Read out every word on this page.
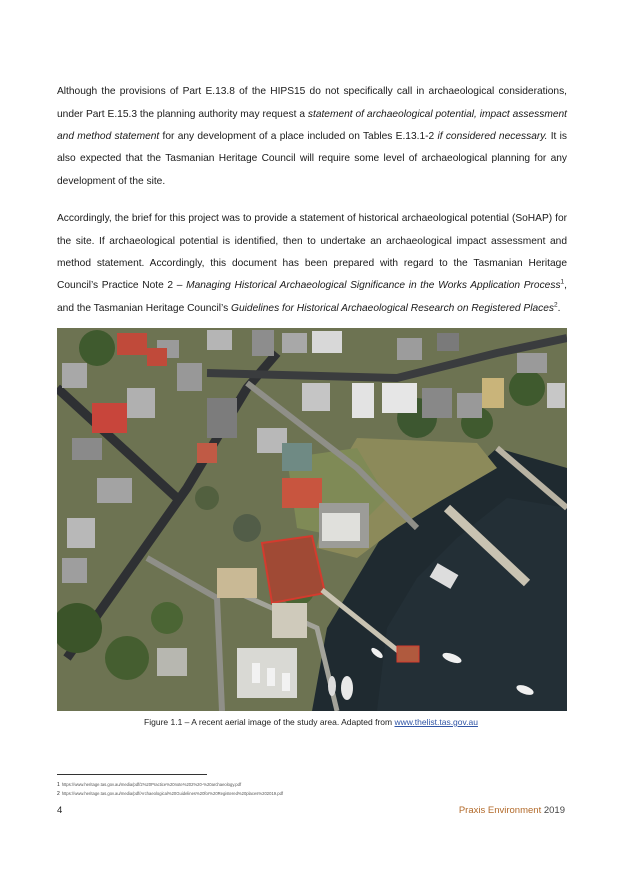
Although the provisions of Part E.13.8 of the HIPS15 do not specifically call in archaeological considerations, under Part E.15.3 the planning authority may request a statement of archaeological potential, impact assessment and method statement for any development of a place included on Tables E.13.1-2 if considered necessary. It is also expected that the Tasmanian Heritage Council will require some level of archaeological planning for any development of the site.

Accordingly, the brief for this project was to provide a statement of historical archaeological potential (SoHAP) for the site. If archaeological potential is identified, then to undertake an archaeological impact assessment and method statement. Accordingly, this document has been prepared with regard to the Tasmanian Heritage Council’s Practice Note 2 – Managing Historical Archaeological Significance in the Works Application Process$^1$, and the Tasmanian Heritage Council’s Guidelines for Historical Archaeological Research on Registered Places$^2$.

Figure 1.1 – A recent aerial image of the study area. Adapted from www.thelist.tas.gov.au
1 https://www.heritage.tas.gov.au/media/pdf/2%20Practice%20note%202%20-%20archaeology.pdf
2 https://www.heritage.tas.gov.au/media/pdf/Archaeological%20Guidelines%20for%20Registered%20places%202019.pdf
4	Praxis Environment 2019
